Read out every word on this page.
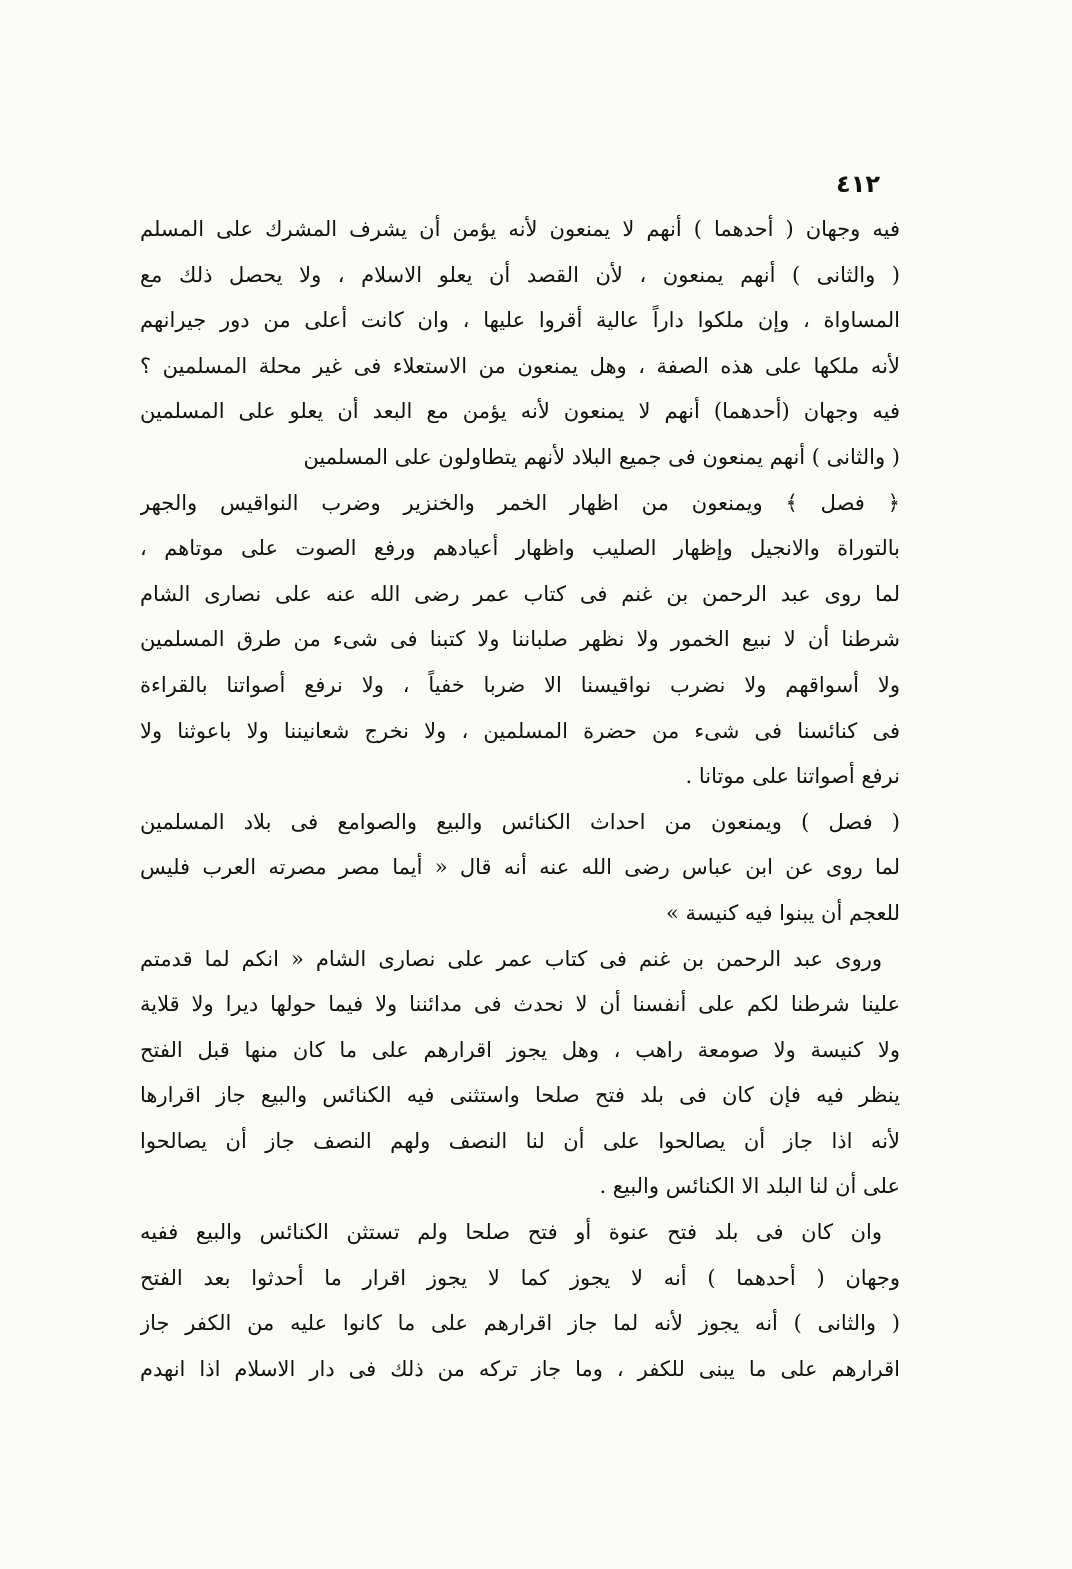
٤١٢
فيه وجهان ( أحدهما ) أنهم لا يمنعون لأنه يؤمن أن يشرف المشرك على المسلم
( والثانى ) أنهم يمنعون ، لأن القصد أن يعلو الاسلام ، ولا يحصل ذلك مع
المساواة ، وإن ملكوا داراً عالية أقروا عليها ، وان كانت أعلى من دور جيرانهم
لأنه ملكها على هذه الصفة ، وهل يمنعون من الاستعلاء فى غير محلة المسلمين ؟
فيه وجهان (أحدهما) أنهم لا يمنعون لأنه يؤمن مع البعد أن يعلو على المسلمين
( والثانى ) أنهم يمنعون فى جميع البلاد لأنهم يتطاولون على المسلمين
﴿ فصل ﴾ ويمنعون من اظهار الخمر والخنزير وضرب النواقيس والجهر
بالتوراة والانجيل وإظهار الصليب واظهار أعيادهم ورفع الصوت على موتاهم ،
لما روى عبد الرحمن بن غنم فى كتاب عمر رضى الله عنه على نصارى الشام
شرطنا أن لا نبيع الخمور ولا نظهر صلباننا ولا كتبنا فى شىء من طرق المسلمين
ولا أسواقهم ولا نضرب نواقيسنا الا ضربا خفياً ، ولا نرفع أصواتنا بالقراءة
فى كنائسنا فى شىء من حضرة المسلمين ، ولا نخرج شعانيننا ولا باعوثنا ولا
نرفع أصواتنا على موتانا .
( فصل ) ويمنعون من احداث الكنائس والبيع والصوامع فى بلاد المسلمين
لما روى عن ابن عباس رضى الله عنه أنه قال « أيما مصر مصرته العرب فليس
للعجم أن يبنوا فيه كنيسة »
وروى عبد الرحمن بن غنم فى كتاب عمر على نصارى الشام « انكم لما قدمتم
علينا شرطنا لكم على أنفسنا أن لا نحدث فى مدائننا ولا فيما حولها ديرا ولا قلاية
ولا كنيسة ولا صومعة راهب ، وهل يجوز اقرارهم على ما كان منها قبل الفتح
ينظر فيه فإن كان فى بلد فتح صلحا واستثنى فيه الكنائس والبيع جاز اقرارها
لأنه اذا جاز أن يصالحوا على أن لنا النصف ولهم النصف جاز أن يصالحوا
على أن لنا البلد الا الكنائس والبيع .
وان كان فى بلد فتح عنوة أو فتح صلحا ولم تستثن الكنائس والبيع ففيه
وجهان ( أحدهما ) أنه لا يجوز كما لا يجوز اقرار ما أحدثوا بعد الفتح
( والثانى ) أنه يجوز لأنه لما جاز اقرارهم على ما كانوا عليه من الكفر جاز
اقرارهم على ما يبنى للكفر ، وما جاز تركه من ذلك فى دار الاسلام اذا انهدم
